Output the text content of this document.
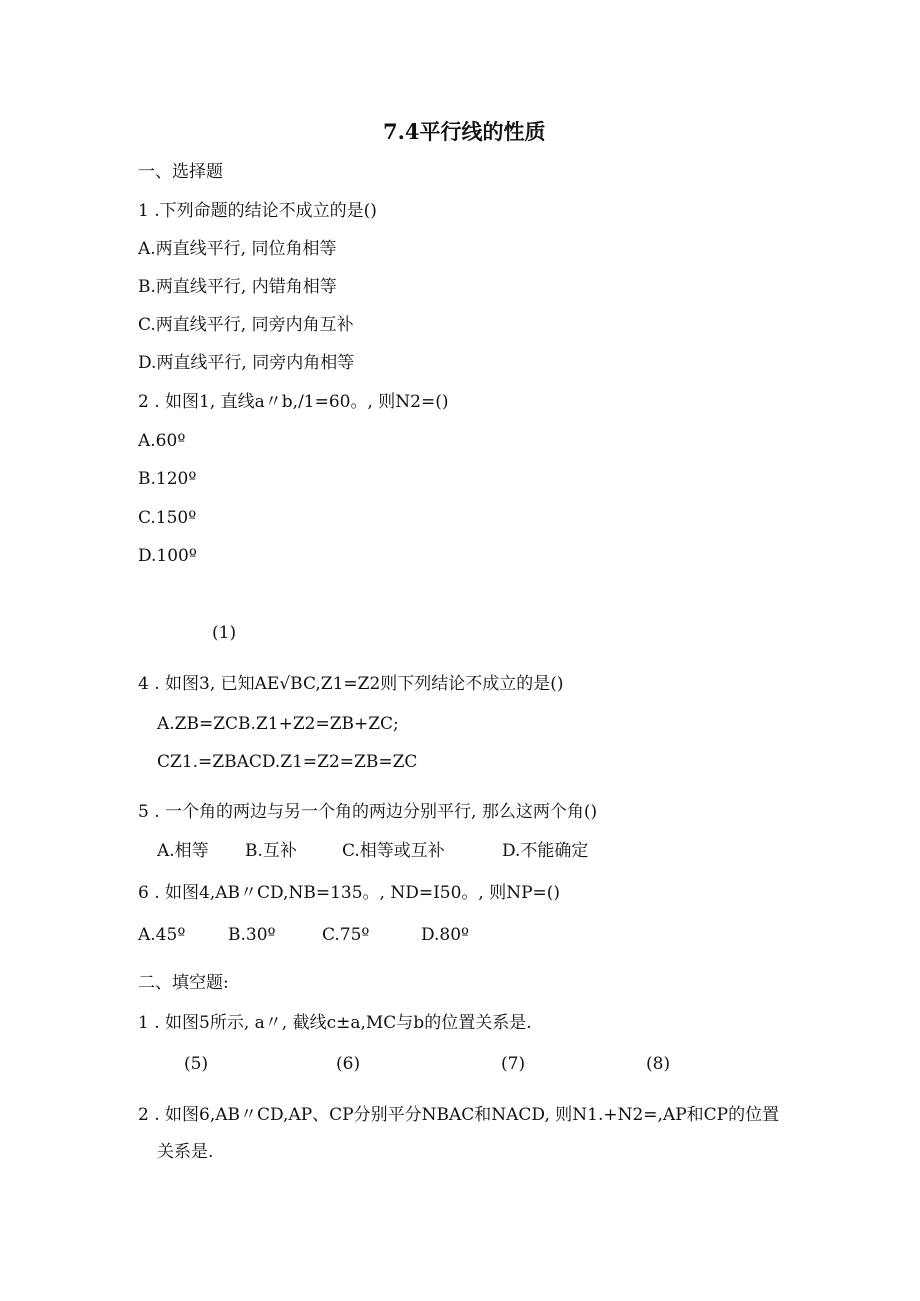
7.4平行线的性质
一、选择题
1 .下列命题的结论不成立的是()
A.两直线平行, 同位角相等
B.两直线平行, 内错角相等
C.两直线平行, 同旁内角互补
D.两直线平行, 同旁内角相等
2 . 如图1, 直线a〃b,/1=60。, 则N2=()
A.60º
B.120º
C.150º
D.100º
(1)
4 . 如图3, 已知AE√BC,Z1=Z2则下列结论不成立的是()
A.ZB=ZCB.Z1+Z2=ZB+ZC;
CZ1.=ZBACD.Z1=Z2=ZB=ZC
5 . 一个角的两边与另一个角的两边分别平行, 那么这两个角()
A.相等 B.互补	C.相等或互补	D.不能确定
6 . 如图4,AB〃CD,NB=135。, ND=I50。, 则NP=()
A.45º	B.30º	C.75º	D.80º
二、填空题:
1 . 如图5所示, a〃, 截线c±a,MC与b的位置关系是.
(5)	(6)	(7)	(8)
2 . 如图6,AB〃CD,AP、CP分别平分NBAC和NACD, 则N1.+N2=,AP和CP的位置
关系是.
